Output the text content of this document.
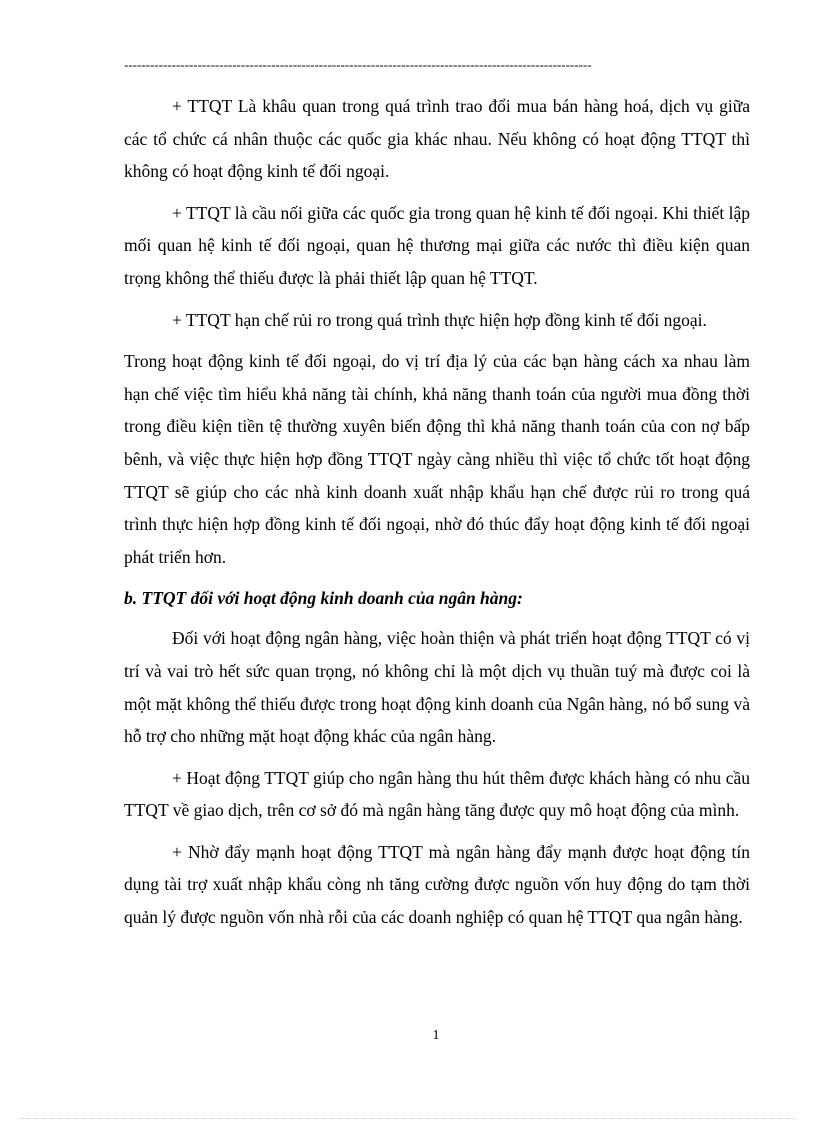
------------------------------------------------------------------------------------------------------------

+ TTQT Là khâu quan trong quá trình trao đổi mua bán hàng hoá, dịch vụ giữa các tổ chức cá nhân thuộc các quốc gia khác nhau. Nếu không có hoạt động TTQT thì không có hoạt động kinh tế đối ngoại.

+ TTQT là cầu nối giữa các quốc gia trong quan hệ kinh tế đối ngoại. Khi thiết lập mối quan hệ kinh tế đối ngoại, quan hệ thương mại giữa các nước thì điều kiện quan trọng không thể thiếu được là phải thiết lập quan hệ TTQT.

+ TTQT hạn chế rủi ro trong quá trình thực hiện hợp đồng kinh tế đối ngoại.

Trong hoạt động kinh tế đối ngoại, do vị trí địa lý của các bạn hàng cách xa nhau làm hạn chế việc tìm hiểu khả năng tài chính, khả năng thanh toán của người mua đồng thời trong điều kiện tiền tệ thường xuyên biến động thì khả năng thanh toán của con nợ bấp bênh, và việc thực hiện hợp đồng TTQT ngày càng nhiều thì việc tổ chức tốt hoạt động TTQT sẽ giúp cho các nhà kinh doanh xuất nhập khẩu hạn chế được rủi ro trong quá trình thực hiện hợp đồng kinh tế đối ngoại, nhờ đó thúc đẩy hoạt động kinh tế đối ngoại phát triển hơn.

b. TTQT đối với hoạt động kinh doanh của ngân hàng:

Đối với hoạt động ngân hàng, việc hoàn thiện và phát triển hoạt động TTQT có vị trí và vai trò hết sức quan trọng, nó không chỉ là một dịch vụ thuần tuý mà được coi là một mặt không thể thiếu được trong hoạt động kinh doanh của Ngân hàng, nó bổ sung và hỗ trợ cho những mặt hoạt động khác của ngân hàng.

+ Hoạt động TTQT giúp cho ngân hàng thu hút thêm được khách hàng có nhu cầu TTQT về giao dịch, trên cơ sở đó mà ngân hàng tăng được quy mô hoạt động của mình.

+ Nhờ đẩy mạnh hoạt động TTQT mà ngân hàng đẩy mạnh được hoạt động tín dụng tài trợ xuất nhập khẩu còng nh tăng cường được nguồn vốn huy động do tạm thời quản lý được nguồn vốn nhà rỗi của các doanh nghiệp có quan hệ TTQT qua ngân hàng.

1
